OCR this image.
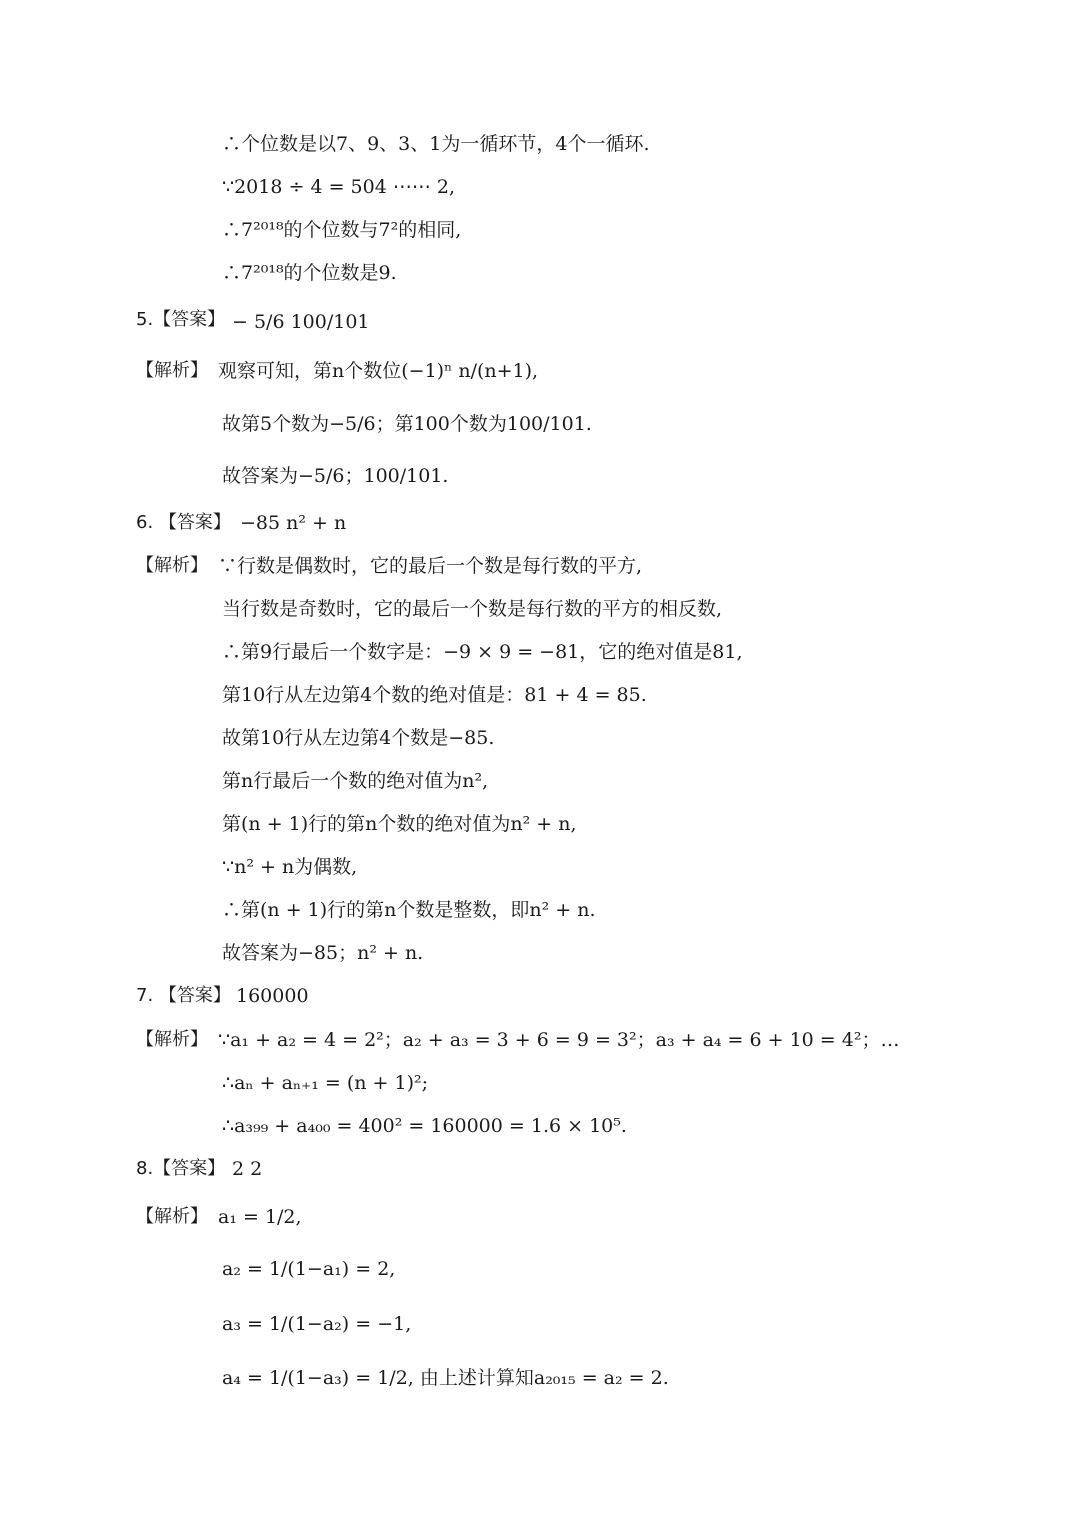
∴个位数是以7、9、3、1为一循环节，4个一循环.
∵2018 ÷ 4 = 504 ⋯⋯ 2,
∴7²⁰¹⁸的个位数与7²的相同,
∴7²⁰¹⁸的个位数是9.
5.【答案】 − 5/6 100/101
【解析】 观察可知，第n个数位(−1)ⁿ n/(n+1),
故第5个数为−5/6；第100个数为100/101.
故答案为−5/6；100/101.
6. 【答案】 −85 n² + n
【解析】 ∵行数是偶数时，它的最后一个数是每行数的平方,
当行数是奇数时，它的最后一个数是每行数的平方的相反数,
∴第9行最后一个数字是：−9 × 9 = −81，它的绝对值是81,
第10行从左边第4个数的绝对值是：81 + 4 = 85.
故第10行从左边第4个数是−85.
第n行最后一个数的绝对值为n²,
第(n + 1)行的第n个数的绝对值为n² + n,
∵n² + n为偶数,
∴第(n + 1)行的第n个数是整数，即n² + n.
故答案为−85；n² + n.
7. 【答案】 160000
【解析】 ∵a₁ + a₂ = 4 = 2²；a₂ + a₃ = 3 + 6 = 9 = 3²；a₃ + a₄ = 6 + 10 = 4²；…
∴aₙ + aₙ₊₁ = (n + 1)²;
∴a₃₉₉ + a₄₀₀ = 400² = 160000 = 1.6 × 10⁵.
8.【答案】 2 2
【解析】 a₁ = 1/2,
a₂ = 1/(1−a₁) = 2,
a₃ = 1/(1−a₂) = −1,
a₄ = 1/(1−a₃) = 1/2, 由上述计算知a₂₀₁₅ = a₂ = 2.
